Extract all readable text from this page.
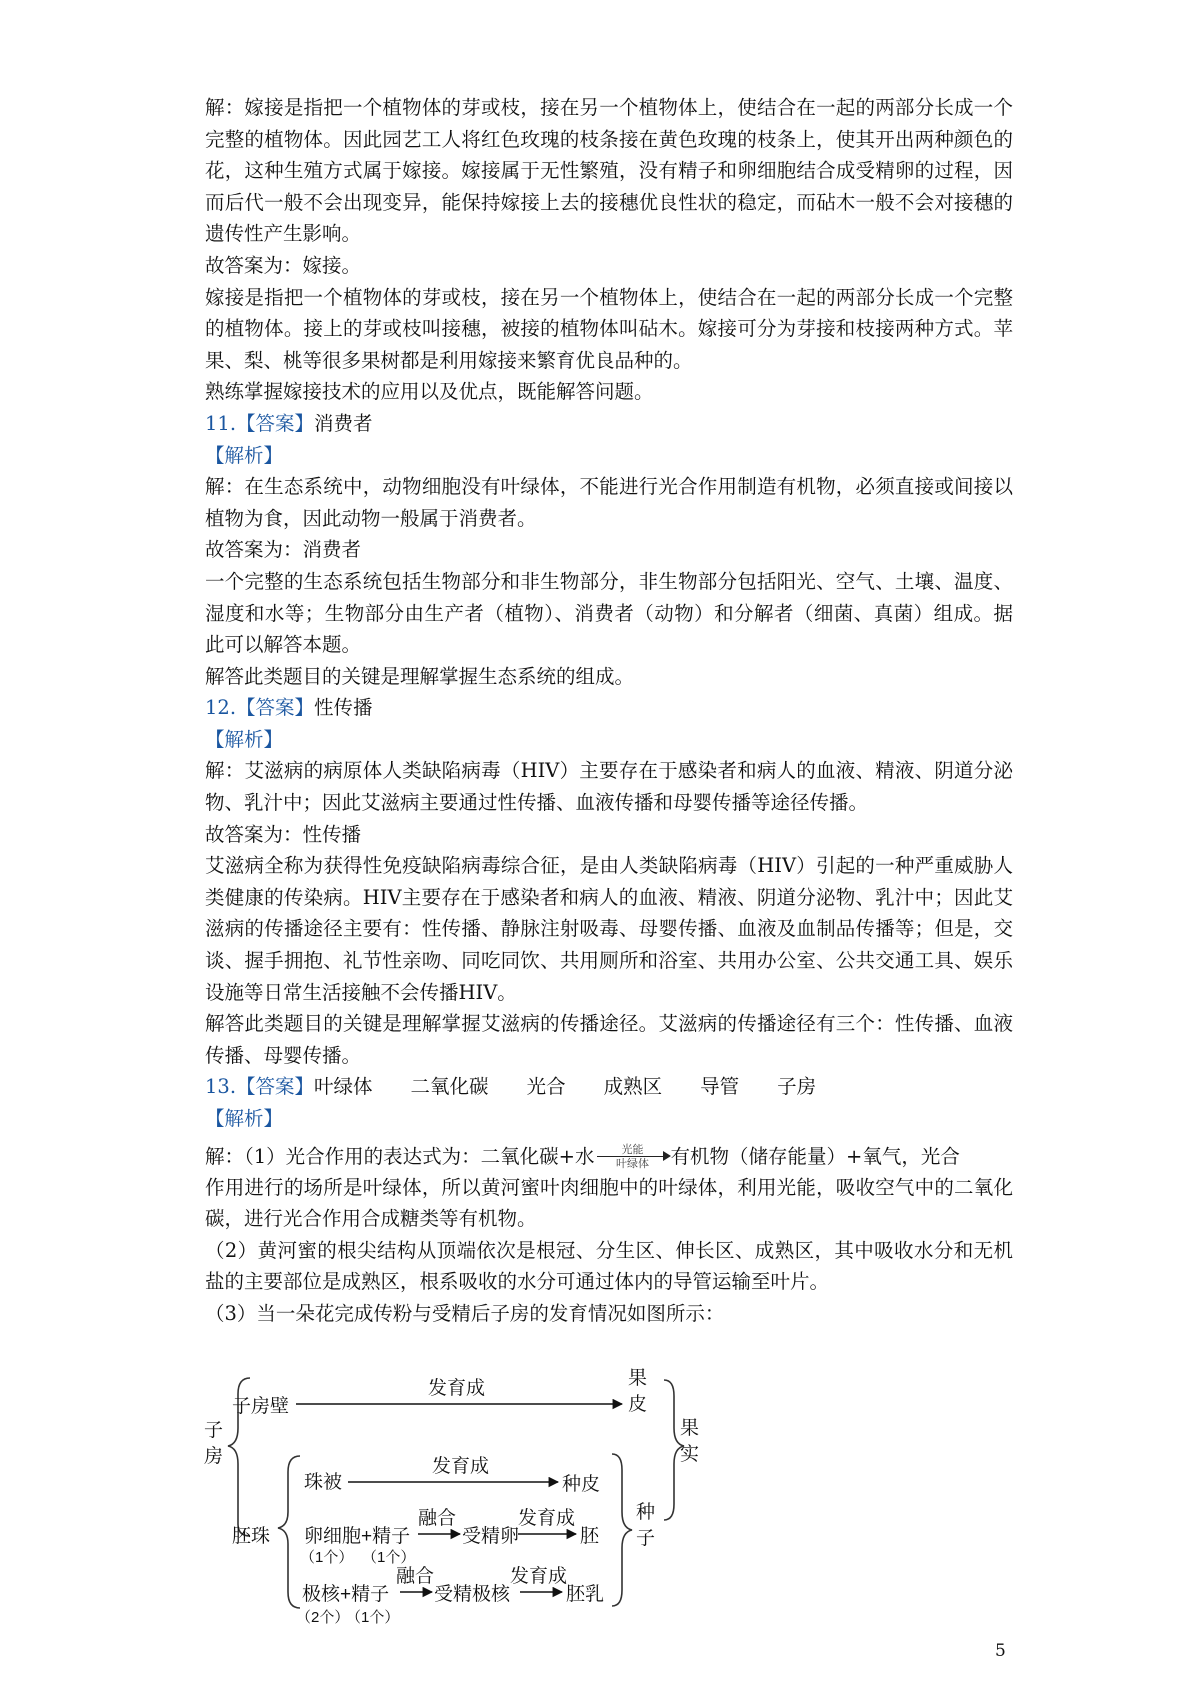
解：嫁接是指把一个植物体的芽或枝，接在另一个植物体上，使结合在一起的两部分长成一个完整的植物体。因此园艺工人将红色玫瑰的枝条接在黄色玫瑰的枝条上，使其开出两种颜色的花，这种生殖方式属于嫁接。嫁接属于无性繁殖，没有精子和卵细胞结合成受精卵的过程，因而后代一般不会出现变异，能保持嫁接上去的接穗优良性状的稳定，而砧木一般不会对接穗的遗传性产生影响。

故答案为：嫁接。

嫁接是指把一个植物体的芽或枝，接在另一个植物体上，使结合在一起的两部分长成一个完整的植物体。接上的芽或枝叫接穗，被接的植物体叫砧木。嫁接可分为芽接和枝接两种方式。苹果、梨、桃等很多果树都是利用嫁接来繁育优良品种的。

熟练掌握嫁接技术的应用以及优点，既能解答问题。

11.【答案】消费者

【解析】

解：在生态系统中，动物细胞没有叶绿体，不能进行光合作用制造有机物，必须直接或间接以植物为食，因此动物一般属于消费者。

故答案为：消费者

一个完整的生态系统包括生物部分和非生物部分，非生物部分包括阳光、空气、土壤、温度、湿度和水等；生物部分由生产者（植物）、消费者（动物）和分解者（细菌、真菌）组成。据此可以解答本题。

解答此类题目的关键是理解掌握生态系统的组成。

12.【答案】性传播

【解析】

解：艾滋病的病原体人类缺陷病毒（HIV）主要存在于感染者和病人的血液、精液、阴道分泌物、乳汁中；因此艾滋病主要通过性传播、血液传播和母婴传播等途径传播。

故答案为：性传播

艾滋病全称为获得性免疫缺陷病毒综合征，是由人类缺陷病毒（HIV）引起的一种严重威胁人类健康的传染病。HIV主要存在于感染者和病人的血液、精液、阴道分泌物、乳汁中；因此艾滋病的传播途径主要有：性传播、静脉注射吸毒、母婴传播、血液及血制品传播等；但是，交谈、握手拥抱、礼节性亲吻、同吃同饮、共用厕所和浴室、共用办公室、公共交通工具、娱乐设施等日常生活接触不会传播HIV。

解答此类题目的关键是理解掌握艾滋病的传播途径。艾滋病的传播途径有三个：性传播、血液传播、母婴传播。

13. 【答案】 叶绿体 二氧化碳 光合 成熟区 导管 子房

【解析】

解：（1）光合作用的表达式为：二氧化碳+水 光能
叶绿体 有机物（储存能量）+氧气，光合

作用进行的场所是叶绿体，所以黄河蜜叶肉细胞中的叶绿体，利用光能，吸收空气中的二氧化碳，进行光合作用合成糖类等有机物。

（2）黄河蜜的根尖结构从顶端依次是根冠、分生区、伸长区、成熟区，其中吸收水分和无机盐的主要部位是成熟区，根系吸收的水分可通过体内的导管运输至叶片。

（3）当一朵花完成传粉与受精后子房的发育情况如图所示：

子房
子房壁
发育成	果皮
果实
珠被
发育成
种皮
胚珠 卵细胞+精子
融合
受精卵
发育成
胚
种子
融合
极核+精子 受精极核
发育成
胚乳
（1个） （1个）
（2个）
（1个）
5
